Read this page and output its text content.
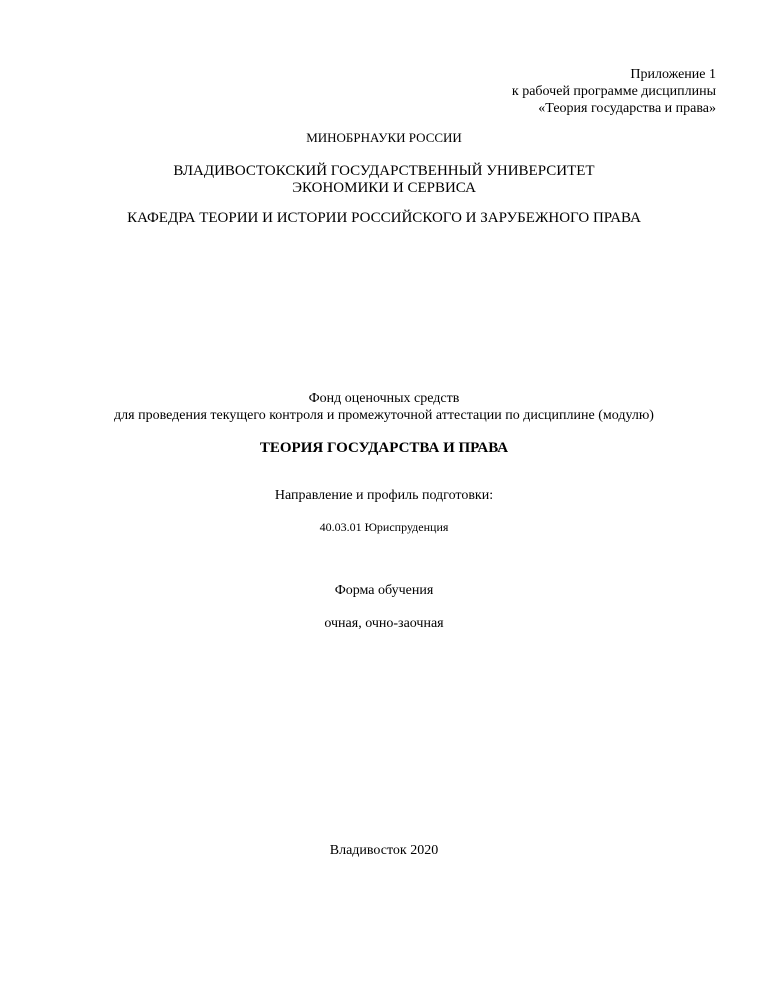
Приложение 1
к рабочей программе дисциплины
«Теория государства и права»
МИНОБРНАУКИ РОССИИ
ВЛАДИВОСТОКСКИЙ ГОСУДАРСТВЕННЫЙ УНИВЕРСИТЕТ
ЭКОНОМИКИ И СЕРВИСА
КАФЕДРА ТЕОРИИ И ИСТОРИИ РОССИЙСКОГО И ЗАРУБЕЖНОГО ПРАВА
Фонд оценочных средств
для проведения текущего контроля и промежуточной аттестации по дисциплине (модулю)
ТЕОРИЯ ГОСУДАРСТВА И ПРАВА
Направление и профиль подготовки:
40.03.01 Юриспруденция
Форма обучения
очная, очно-заочная
Владивосток 2020
